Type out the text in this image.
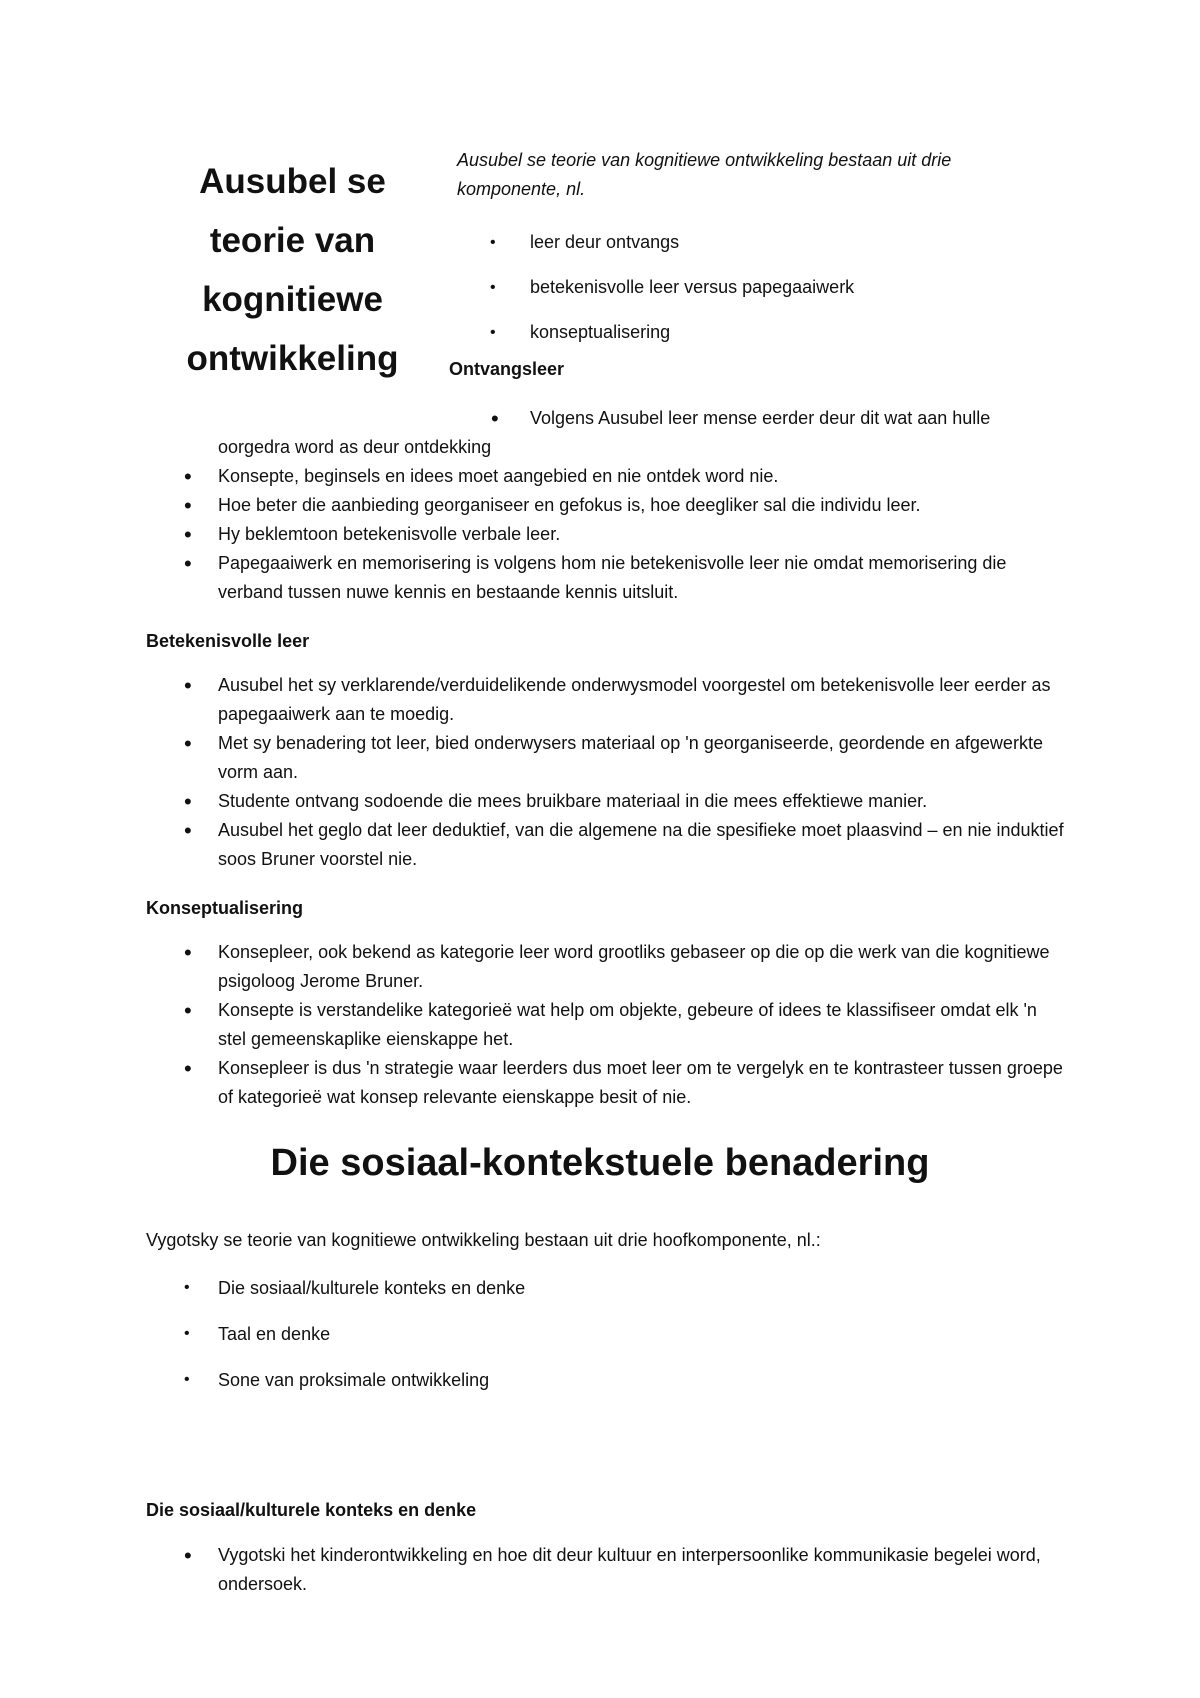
Ausubel se teorie van kognitiewe ontwikkeling
Ausubel se teorie van kognitiewe ontwikkeling bestaan uit drie komponente, nl.
• leer deur ontvangs
• betekenisvolle leer versus papegaaiwerk
• konseptualisering
Ontvangsleer
• Volgens Ausubel leer mense eerder deur dit wat aan hulle
oorgedra word as deur ontdekking
• Konsepte, beginsels en idees moet aangebied en nie ontdek word nie.
• Hoe beter die aanbieding georganiseer en gefokus is, hoe deegliker sal die individu leer.
• Hy beklemtoon betekenisvolle verbale leer.
• Papegaaiwerk en memorisering is volgens hom nie betekenisvolle leer nie omdat memorisering die verband tussen nuwe kennis en bestaande kennis uitsluit.
Betekenisvolle leer
• Ausubel het sy verklarende/verduidelikende onderwysmodel voorgestel om betekenisvolle leer eerder as papegaaiwerk aan te moedig.
• Met sy benadering tot leer, bied onderwysers materiaal op 'n georganiseerde, geordende en afgewerkte vorm aan.
• Studente ontvang sodoende die mees bruikbare materiaal in die mees effektiewe manier.
• Ausubel het geglo dat leer deduktief, van die algemene na die spesifieke moet plaasvind – en nie induktief soos Bruner voorstel nie.
Konseptualisering
• Konsepleer, ook bekend as kategorie leer word grootliks gebaseer op die op die werk van die kognitiewe psigoloog Jerome Bruner.
• Konsepte is verstandelike kategorieë wat help om objekte, gebeure of idees te klassifiseer omdat elk 'n stel gemeenskaplike eienskappe het.
• Konsepleer is dus 'n strategie waar leerders dus moet leer om te vergelyk en te kontrasteer tussen groepe of kategorieë wat konsep relevante eienskappe besit of nie.
Die sosiaal-kontekstuele benadering
Vygotsky se teorie van kognitiewe ontwikkeling bestaan uit drie hoofkomponente, nl.:
• Die sosiaal/kulturele konteks en denke
• Taal en denke
• Sone van proksimale ontwikkeling
Die sosiaal/kulturele konteks en denke
• Vygotski het kinderontwikkeling en hoe dit deur kultuur en interpersoonlike kommunikasie begelei word, ondersoek.
